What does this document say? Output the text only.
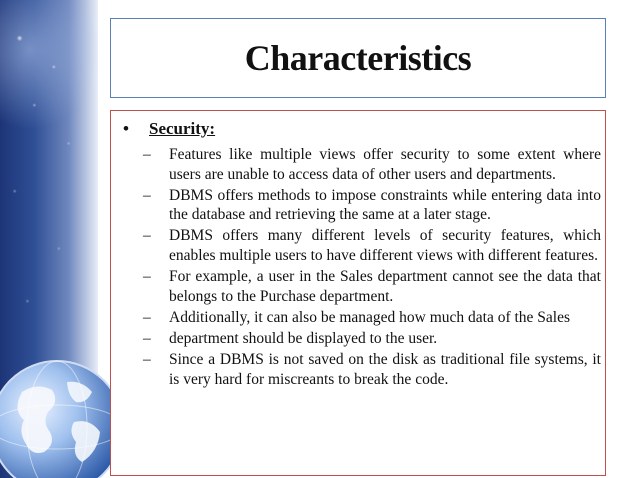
Characteristics
•	Security:
–	Features like multiple views offer security to some extent where users are unable to access data of other users and departments.
–	DBMS offers methods to impose constraints while entering data into the database and retrieving the same at a later stage.
–	DBMS offers many different levels of security features, which enables multiple users to have different views with different features.
–	For example, a user in the Sales department cannot see the data that belongs to the Purchase department.
–	Additionally, it can also be managed how much data of the Sales
–	department should be displayed to the user.
–	Since a DBMS is not saved on the disk as traditional file systems, it is very hard for miscreants to break the code.
